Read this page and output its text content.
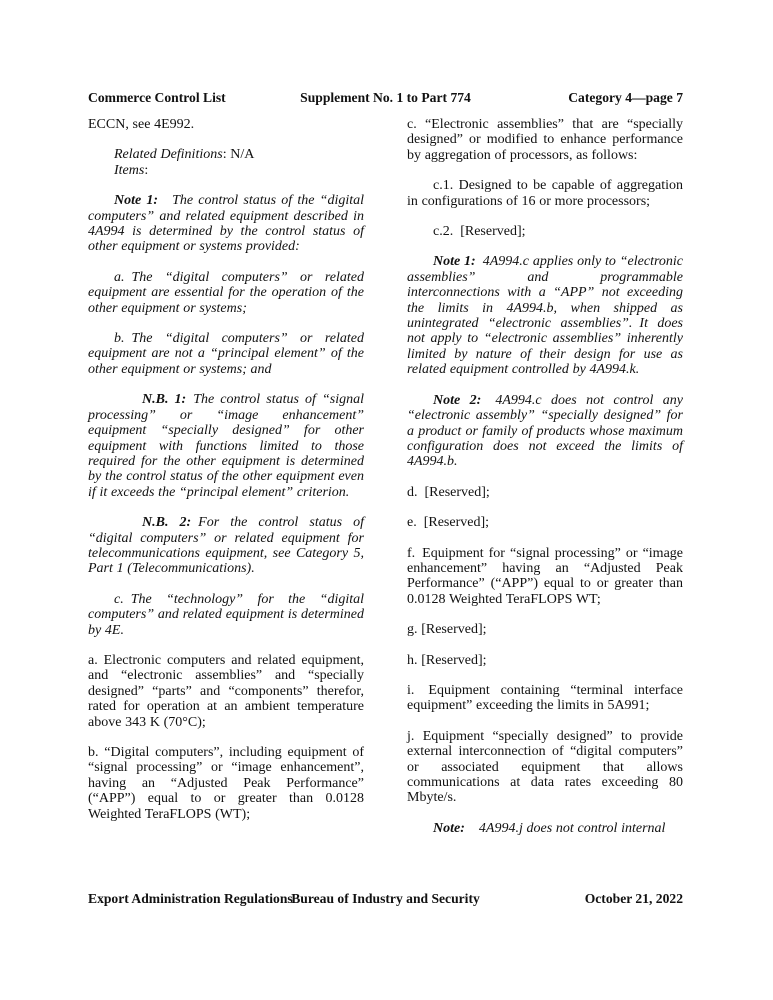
Commerce Control List	Supplement No. 1 to Part 774	Category 4—page 7

ECCN, see 4E992.

Related Definitions: N/A

Items:

Note 1: The control status of the “digital computers” and related equipment described in 4A994 is determined by the control status of other equipment or systems provided:

a. The “digital computers” or related equipment are essential for the operation of the other equipment or systems;

b. The “digital computers” or related equipment are not a “principal element” of the other equipment or systems; and

N.B. 1: The control status of “signal processing” or “image enhancement” equipment “specially designed” for other equipment with functions limited to those required for the other equipment is determined by the control status of the other equipment even if it exceeds the “principal element” criterion.

N.B. 2: For the control status of “digital computers” or related equipment for telecommunications equipment, see Category 5, Part 1 (Telecommunications).

c. The “technology” for the “digital computers” and related equipment is determined by 4E.

a. Electronic computers and related equipment, and “electronic assemblies” and “specially designed” “parts” and “components” therefor, rated for operation at an ambient temperature above 343 K (70°C);

b. “Digital computers”, including equipment of “signal processing” or “image enhancement”, having an “Adjusted Peak Performance” (“APP”) equal to or greater than 0.0128 Weighted TeraFLOPS (WT);

c. “Electronic assemblies” that are “specially designed” or modified to enhance performance by aggregation of processors, as follows:

c.1. Designed to be capable of aggregation in configurations of 16 or more processors;

c.2. [Reserved];

Note 1: 4A994.c applies only to “electronic assemblies” and programmable interconnections with a “APP” not exceeding the limits in 4A994.b, when shipped as unintegrated “electronic assemblies”. It does not apply to “electronic assemblies” inherently limited by nature of their design for use as related equipment controlled by 4A994.k.

Note 2: 4A994.c does not control any “electronic assembly” “specially designed” for a product or family of products whose maximum configuration does not exceed the limits of 4A994.b.

d. [Reserved];

e. [Reserved];

f. Equipment for “signal processing” or “image enhancement” having an “Adjusted Peak Performance” (“APP”) equal to or greater than 0.0128 Weighted TeraFLOPS WT;

g. [Reserved];

h. [Reserved];

i. Equipment containing “terminal interface equipment” exceeding the limits in 5A991;

j. Equipment “specially designed” to provide external interconnection of “digital computers” or associated equipment that allows communications at data rates exceeding 80 Mbyte/s.

Note: 4A994.j does not control internal

Export Administration Regulations
Bureau of Industry and Security	October 21, 2022
